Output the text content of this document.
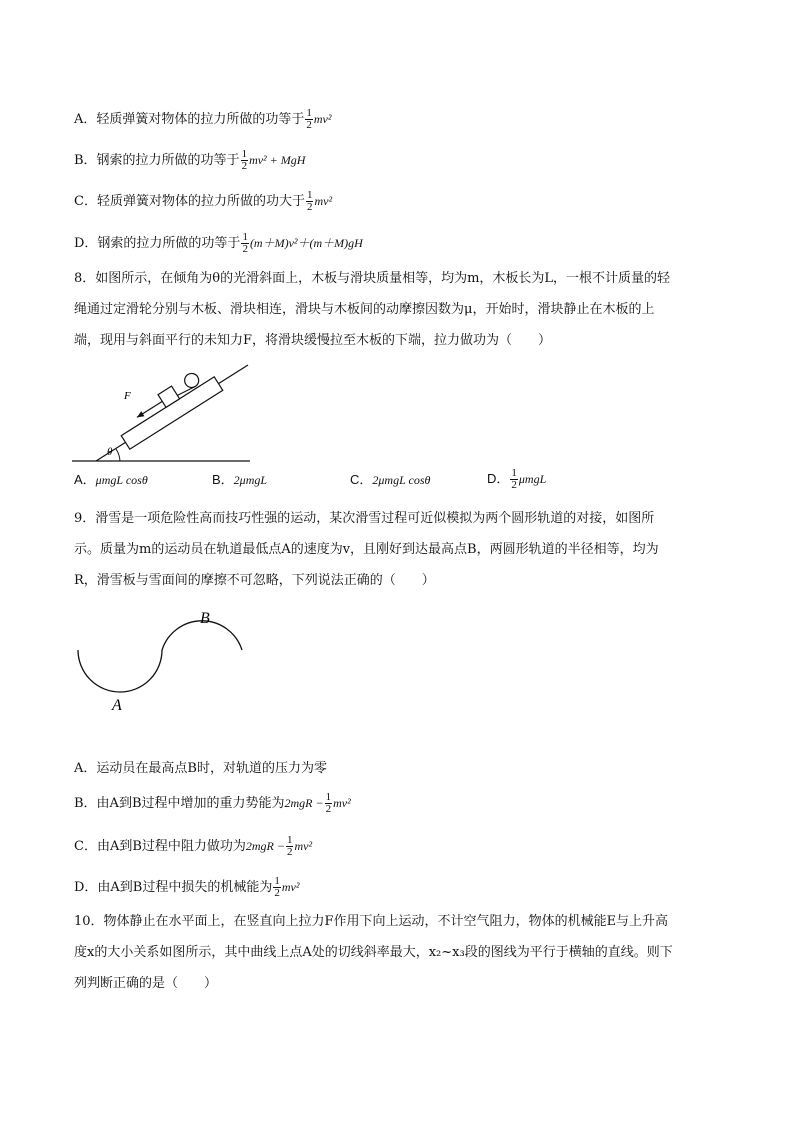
A．轻质弹簧对物体的拉力所做的功等于 $\frac{1}{2} mv^2$
B．钢索的拉力所做的功等于 $\frac{1}{2} mv^2$ + MgH
C．轻质弹簧对物体的拉力所做的功大于 $\frac{1}{2} mv^2$
D．钢索的拉力所做的功等于 $\frac{1}{2} (m+M)v^2+(m+M)gH$
8．如图所示，在倾角为θ的光滑斜面上，木板与滑块质量相等，均为m，木板长为L，一根不计质量的轻
绳通过定滑轮分别与木板、滑块相连，滑块与木板间的动摩擦因数为μ，开始时，滑块静止在木板的上
端，现用与斜面平行的未知力F，将滑块缓慢拉至木板的下端，拉力做功为（　　）
θ
F
A．μmgL cosθ	B．2μmgL	C．2μmgL cosθ	D． $\frac{1}{2}$ μmgL
9．滑雪是一项危险性高而技巧性强的运动，某次滑雪过程可近似模拟为两个圆形轨道的对接，如图所
示。质量为m的运动员在轨道最低点A的速度为v，且刚好到达最高点B，两圆形轨道的半径相等，均为
R，滑雪板与雪面间的摩擦不可忽略，下列说法正确的（　　）
B
A
A．运动员在最高点B时，对轨道的压力为零
B．由A到B过程中增加的重力势能为$2mgR - \frac{1}{2} mv^2$
C．由A到B过程中阻力做功为$2mgR - \frac{1}{2} mv^2$
D．由A到B过程中损失的机械能为 $\frac{1}{2} mv^2$
10．物体静止在水平面上，在竖直向上拉力F作用下向上运动，不计空气阻力，物体的机械能E与上升高
度x的大小关系如图所示，其中曲线上点A处的切线斜率最大，x₂~x₃段的图线为平行于横轴的直线。则下
列判断正确的是（　　）
